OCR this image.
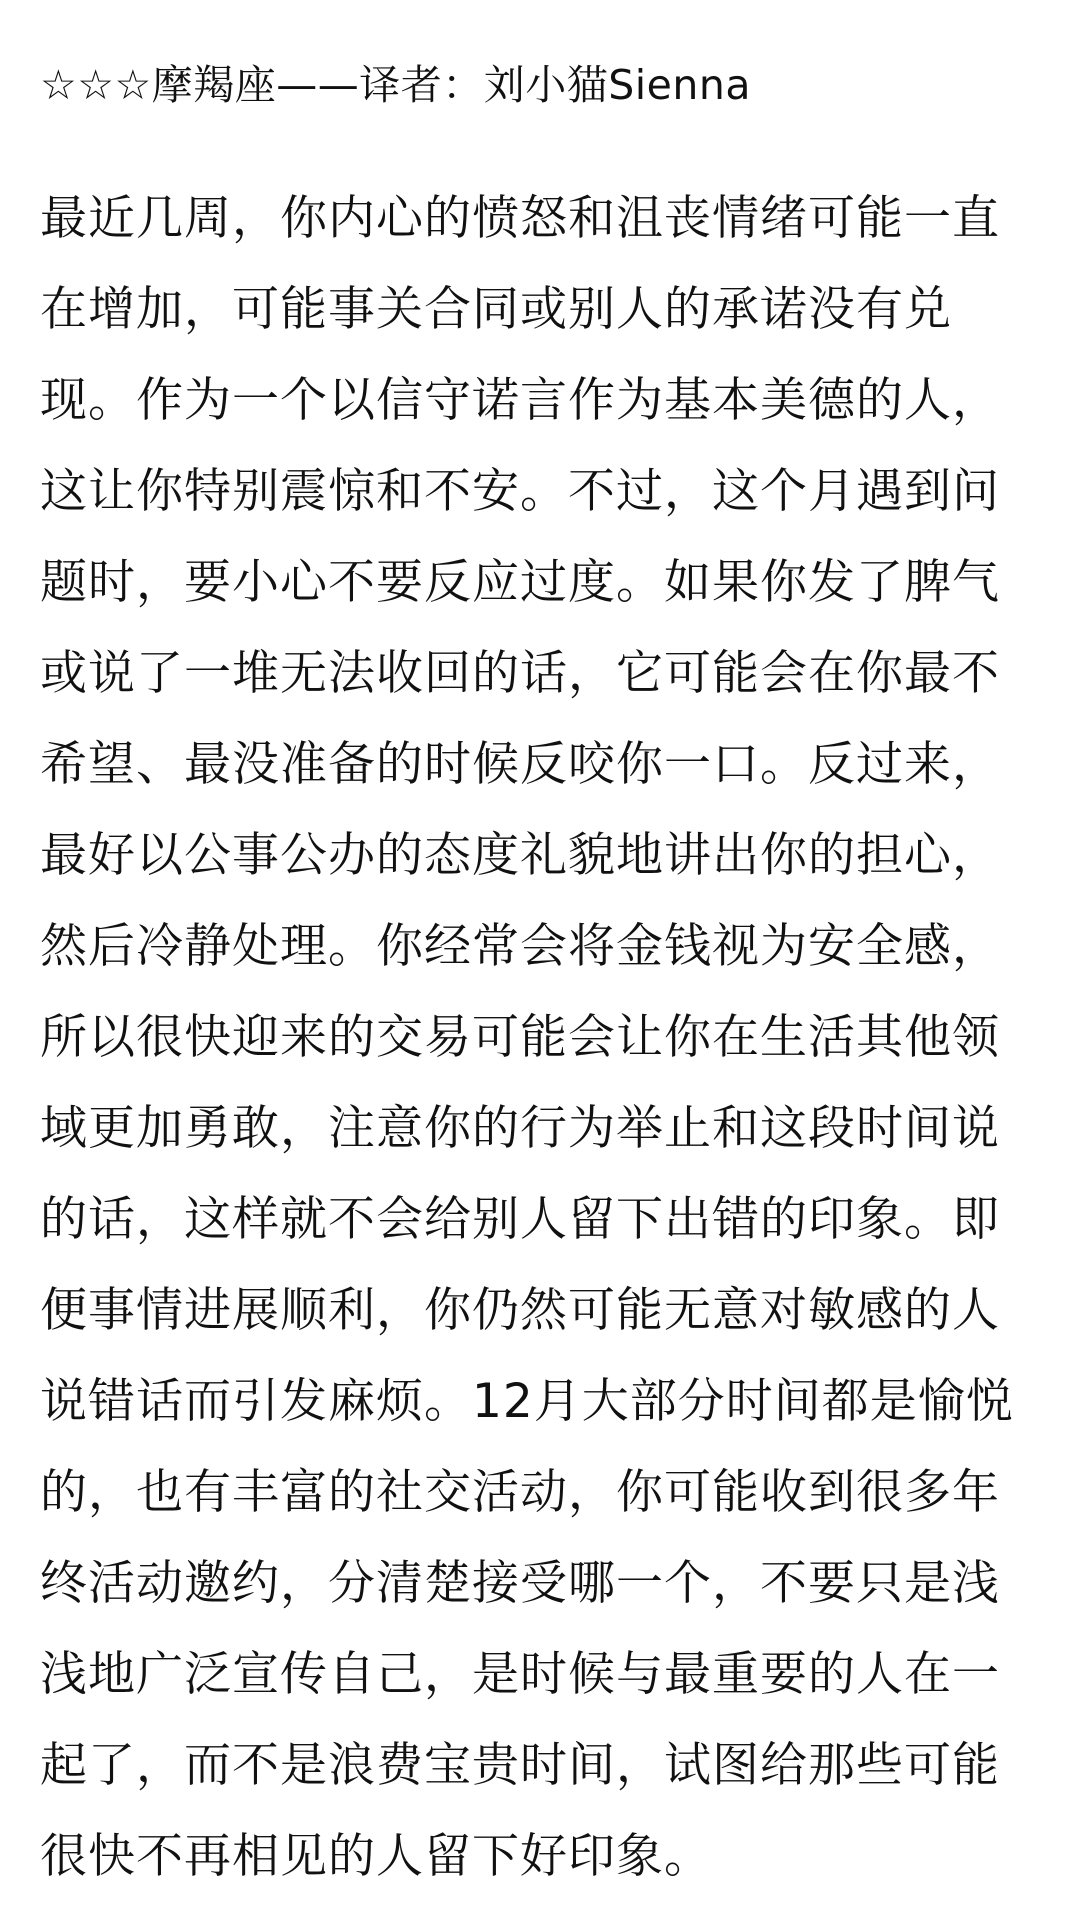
☆☆☆摩羯座——译者：刘小猫Sienna
最近几周，你内心的愤怒和沮丧情绪可能一直
在增加，可能事关合同或别人的承诺没有兑
现。作为一个以信守诺言作为基本美德的人，
这让你特别震惊和不安。不过，这个月遇到问
题时，要小心不要反应过度。如果你发了脾气
或说了一堆无法收回的话，它可能会在你最不
希望、最没准备的时候反咬你一口。反过来，
最好以公事公办的态度礼貌地讲出你的担心，
然后冷静处理。你经常会将金钱视为安全感，
所以很快迎来的交易可能会让你在生活其他领
域更加勇敢，注意你的行为举止和这段时间说
的话，这样就不会给别人留下出错的印象。即
便事情进展顺利，你仍然可能无意对敏感的人
说错话而引发麻烦。12月大部分时间都是愉悦
的，也有丰富的社交活动，你可能收到很多年
终活动邀约，分清楚接受哪一个，不要只是浅
浅地广泛宣传自己，是时候与最重要的人在一
起了，而不是浪费宝贵时间，试图给那些可能
很快不再相见的人留下好印象。
